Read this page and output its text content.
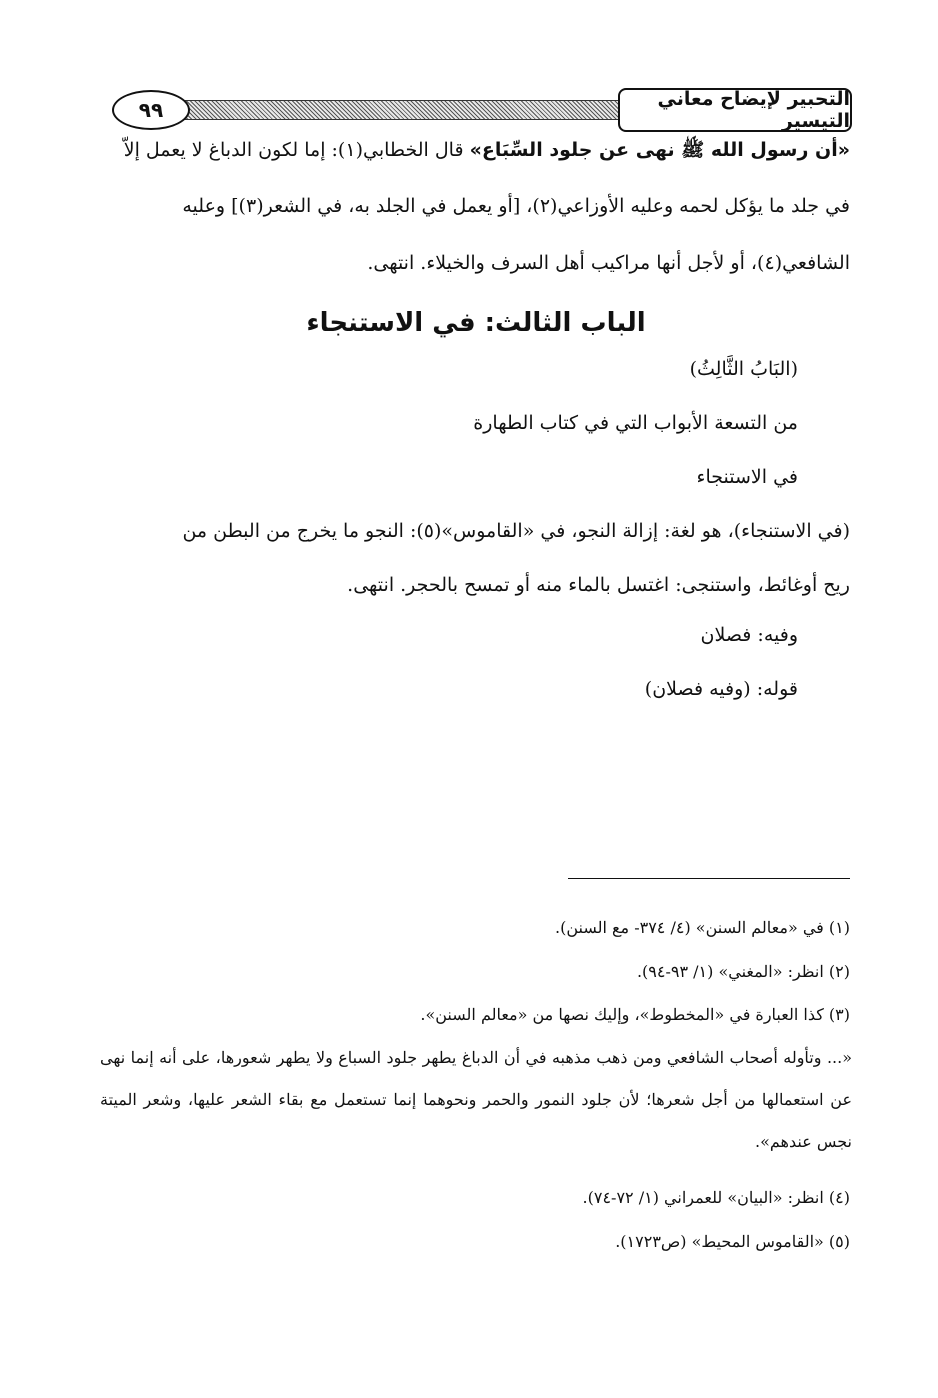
٩٩	التحبير لإيضاح معاني التيسير
«أن رسول الله ﷺ نهى عن جلود السِّبَاع» قال الخطابي(١): إما لكون الدباغ لا يعمل إلاّ
في جلد ما يؤكل لحمه وعليه الأوزاعي(٢)، [أو يعمل في الجلد به، في الشعر(٣)] وعليه
الشافعي(٤)، أو لأجل أنها مراكيب أهل السرف والخيلاء. انتهى.
الباب الثالث: في الاستنجاء
(البَابُ الثَّالِثُ)
من التسعة الأبواب التي في كتاب الطهارة
في الاستنجاء
(في الاستنجاء)، هو لغة: إزالة النجو، في «القاموس»(٥): النجو ما يخرج من البطن من
ريح أوغائط، واستنجى: اغتسل بالماء منه أو تمسح بالحجر. انتهى.
وفيه: فصلان
قوله: (وفيه فصلان)
(١) في «معالم السنن» (٤/ ٣٧٤- مع السنن).
(٢) انظر: «المغني» (١/ ٩٣-٩٤).
(٣) كذا العبارة في «المخطوط»، وإليك نصها من «معالم السنن».
«... وتأوله أصحاب الشافعي ومن ذهب مذهبه في أن الدباغ يطهر جلود السباع ولا يطهر شعورها، على أنه إنما نهى عن استعمالها من أجل شعرها؛ لأن جلود النمور والحمر ونحوهما إنما تستعمل مع بقاء الشعر عليها، وشعر الميتة نجس عندهم».
(٤) انظر: «البيان» للعمراني (١/ ٧٢-٧٤).
(٥) «القاموس المحيط» (ص١٧٢٣).
